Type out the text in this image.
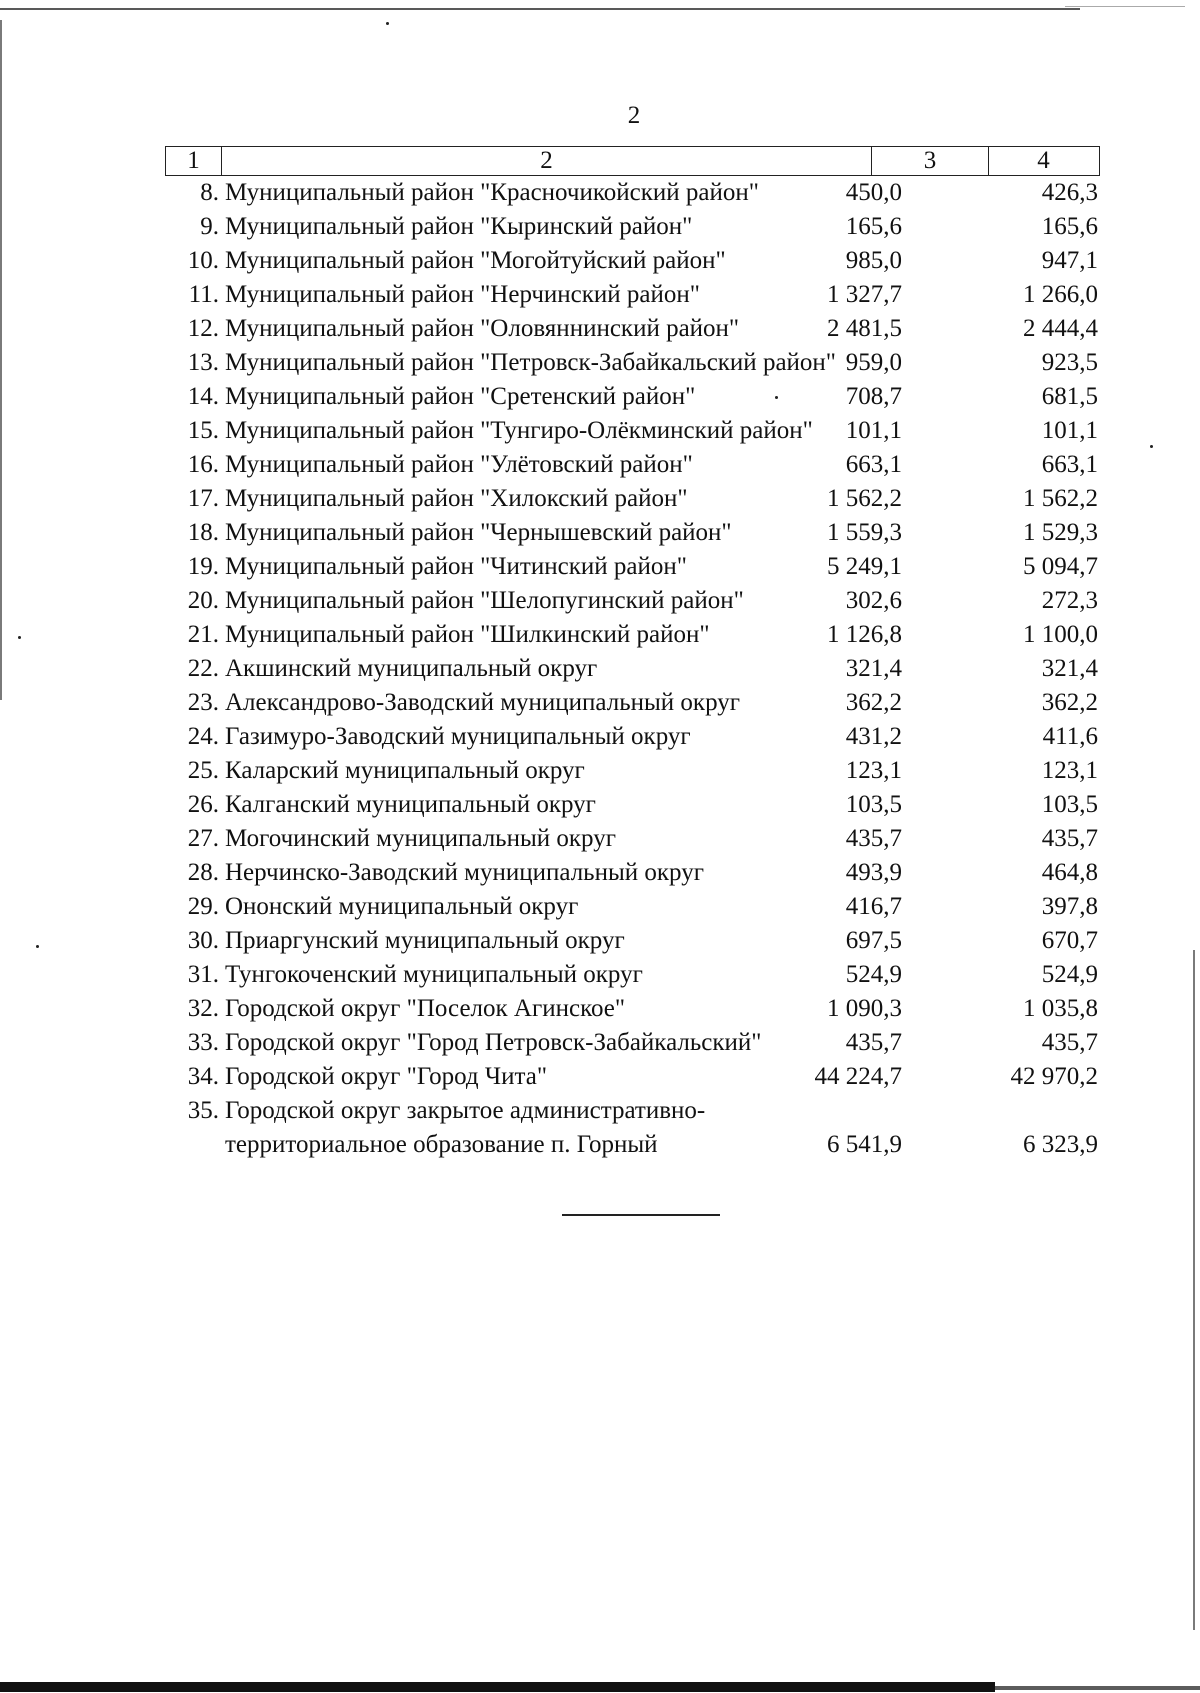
2
1	2	3	4
8. Муниципальный район "Красночикойский район"	450,0	426,3
9. Муниципальный район "Кыринский район"	165,6	165,6
10. Муниципальный район "Могойтуйский район"	985,0	947,1
11. Муниципальный район "Нерчинский район"	1 327,7	1 266,0
12. Муниципальный район "Оловяннинский район"	2 481,5	2 444,4
13. Муниципальный район "Петровск-Забайкальский район" 959,0	923,5
14. Муниципальный район "Сретенский район"	708,7	681,5
15. Муниципальный район "Тунгиро-Олёкминский район"	101,1	101,1
16. Муниципальный район "Улётовский район"	663,1	663,1
17. Муниципальный район "Хилокский район"	1 562,2	1 562,2
18. Муниципальный район "Чернышевский район"	1 559,3	1 529,3
19. Муниципальный район "Читинский район"	5 249,1	5 094,7
20. Муниципальный район "Шелопугинский район"	302,6	272,3
21. Муниципальный район "Шилкинский район"	1 126,8	1 100,0
22. Акшинский муниципальный округ	321,4	321,4
23. Александрово-Заводский муниципальный округ	362,2	362,2
24. Газимуро-Заводский муниципальный округ	431,2	411,6
25. Каларский муниципальный округ	123,1	123,1
26. Калганский муниципальный округ	103,5	103,5
27. Могочинский муниципальный округ	435,7	435,7
28. Нерчинско-Заводский муниципальный округ	493,9	464,8
29. Ононский муниципальный округ	416,7	397,8
30. Приаргунский муниципальный округ	697,5	670,7
31. Тунгокоченский муниципальный округ	524,9	524,9
32. Городской округ "Поселок Агинское"	1 090,3	1 035,8
33. Городской округ "Город Петровск-Забайкальский"	435,7	435,7
34. Городской округ "Город Чита"	44 224,7	42 970,2
35. Городской округ закрытое административно-
территориальное образование п. Горный	6 541,9	6 323,9
